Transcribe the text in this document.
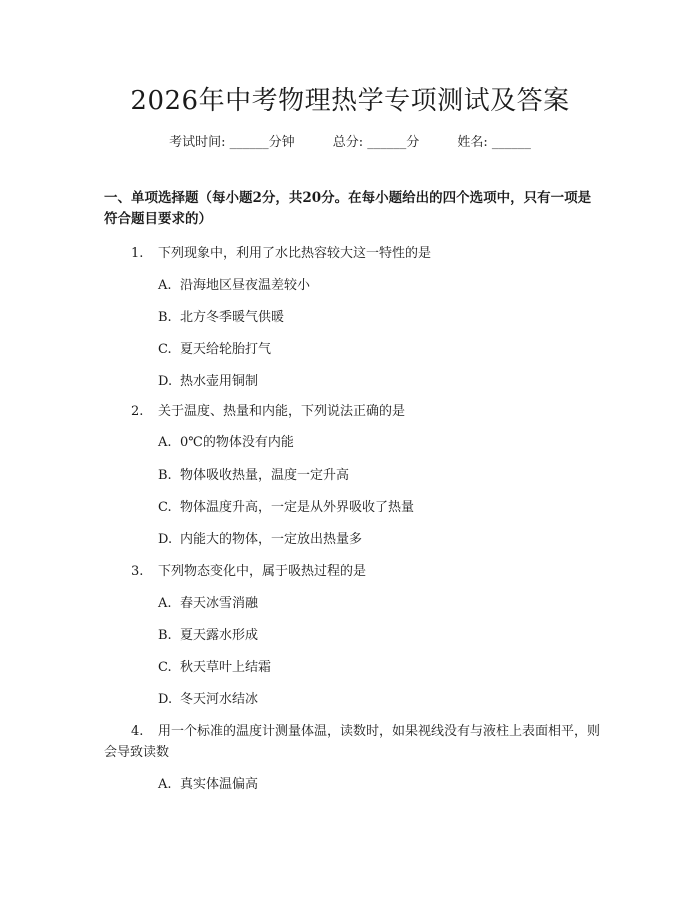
2026年中考物理热学专项测试及答案
考试时间: ______分钟	总分: ______分	姓名: ______
一、单项选择题（每小题2分，共20分。在每小题给出的四个选项中，只有一项是符合题目要求的）
1. 下列现象中，利用了水比热容较大这一特性的是
A. 沿海地区昼夜温差较小
B. 北方冬季暖气供暖
C. 夏天给轮胎打气
D. 热水壶用铜制
2. 关于温度、热量和内能，下列说法正确的是
A. 0℃的物体没有内能
B. 物体吸收热量，温度一定升高
C. 物体温度升高，一定是从外界吸收了热量
D. 内能大的物体，一定放出热量多
3. 下列物态变化中，属于吸热过程的是
A. 春天冰雪消融
B. 夏天露水形成
C. 秋天草叶上结霜
D. 冬天河水结冰
4. 用一个标准的温度计测量体温，读数时，如果视线没有与液柱上表面相平，则会导致读数
A. 真实体温偏高
